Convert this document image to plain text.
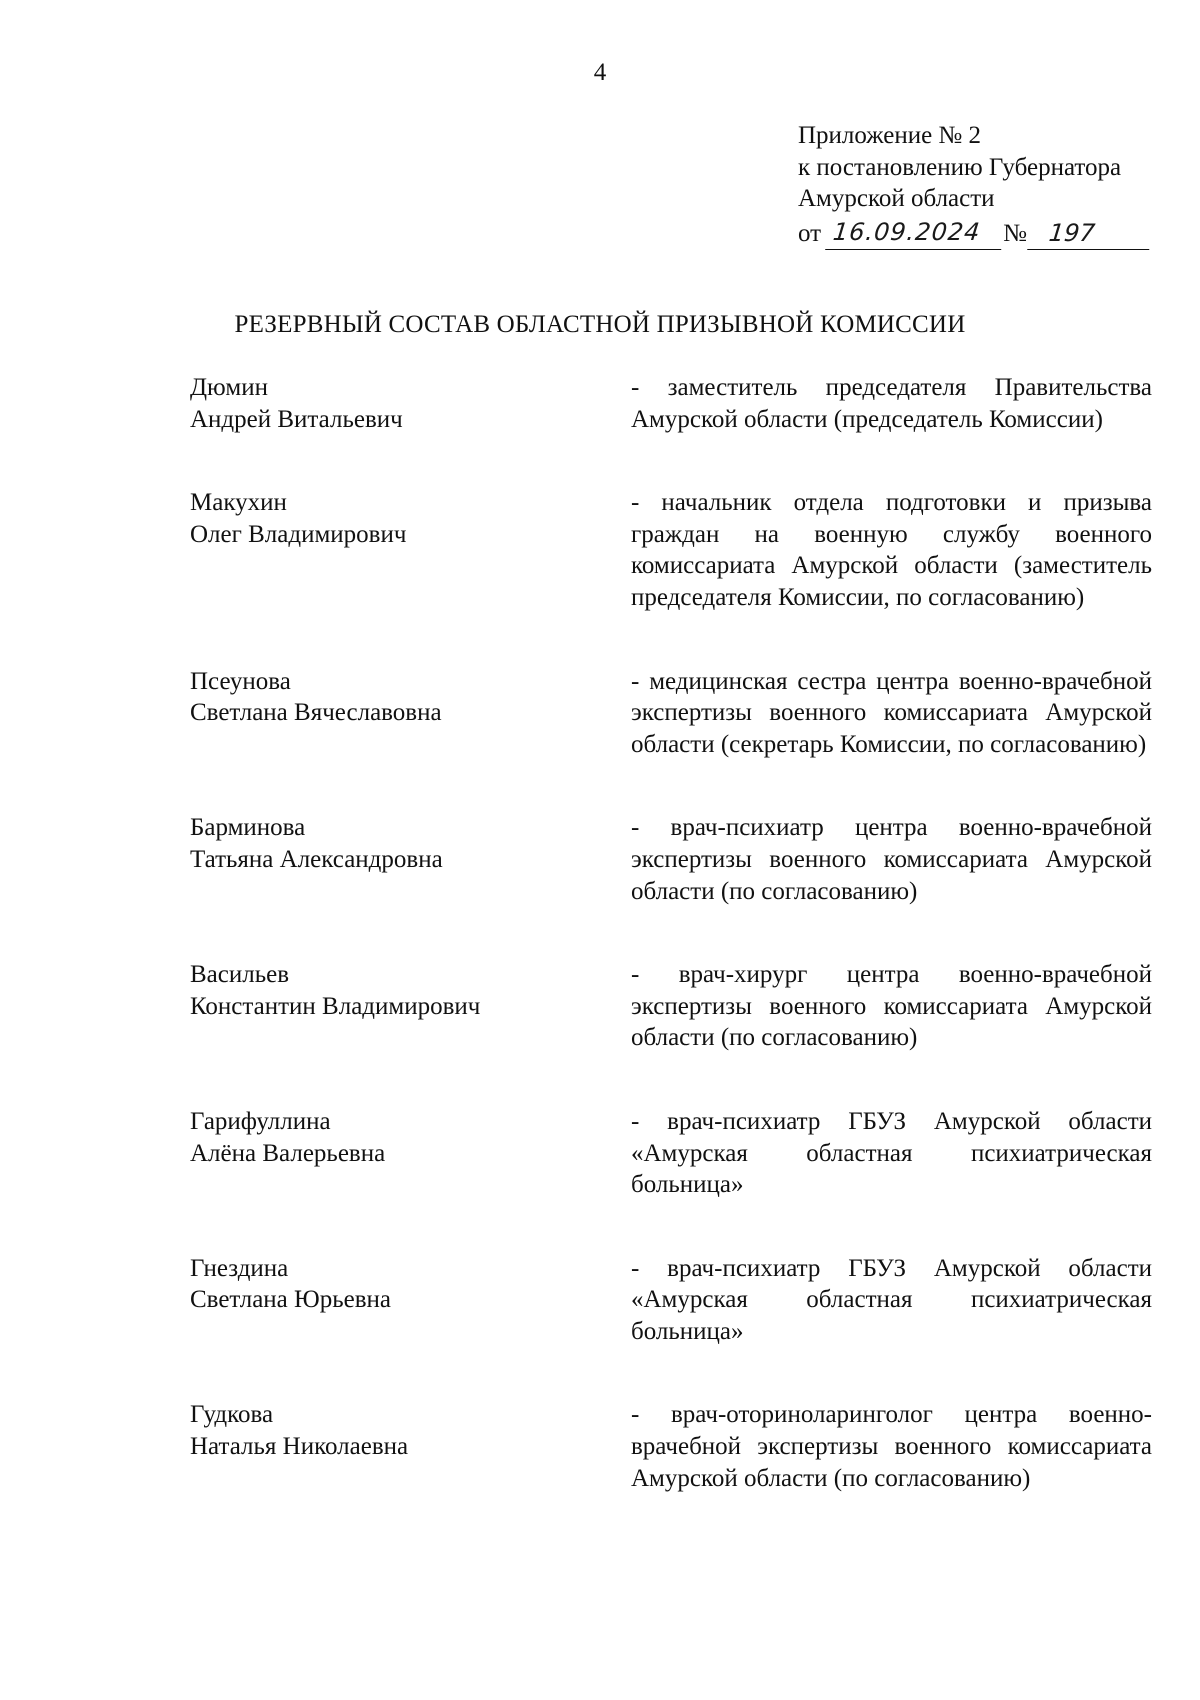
4
Приложение № 2
к постановлению Губернатора
Амурской области
от 16.09.2024 № 197
РЕЗЕРВНЫЙ СОСТАВ ОБЛАСТНОЙ ПРИЗЫВНОЙ КОМИССИИ
Дюмин
Андрей Витальевич
- заместитель председателя Правительства Амурской области (председатель Комиссии)
Макухин
Олег Владимирович
- начальник отдела подготовки и призыва граждан на военную службу военного комиссариата Амурской области (заместитель председателя Комиссии, по согласованию)
Псеунова
Светлана Вячеславовна
- медицинская сестра центра военно-врачебной экспертизы военного комиссариата Амурской области (секретарь Комиссии, по согласованию)
Барминова
Татьяна Александровна
- врач-психиатр центра военно-врачебной экспертизы военного комиссариата Амурской области (по согласованию)
Васильев
Константин Владимирович
- врач-хирург центра военно-врачебной экспертизы военного комиссариата Амурской области (по согласованию)
Гарифуллина
Алёна Валерьевна
- врач-психиатр ГБУЗ Амурской области «Амурская областная психиатрическая больница»
Гнездина
Светлана Юрьевна
- врач-психиатр ГБУЗ Амурской области «Амурская областная психиатрическая больница»
Гудкова
Наталья Николаевна
- врач-оториноларинголог центра военно-врачебной экспертизы военного комиссариата Амурской области (по согласованию)
